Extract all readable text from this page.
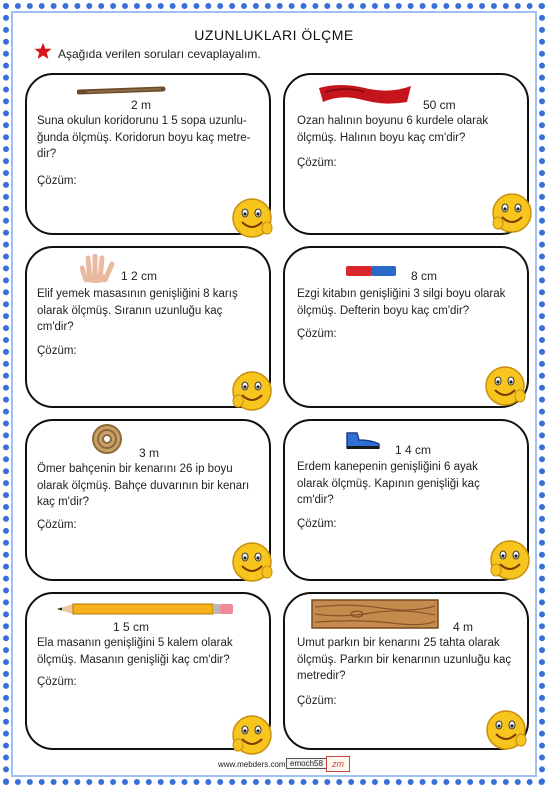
UZUNLUKLARI ÖLÇME
Aşağıda verilen soruları cevaplayalım.
2 m
Suna okulun koridorunu 1 5 sopa uzunlu-
ğunda ölçmüş. Koridorun boyu kaç metre-
dir?
Çözüm:
50 cm
Ozan halının boyunu 6 kurdele olarak
ölçmüş. Halının boyu kaç cm'dir?
Çözüm:
1 2 cm
Elif yemek masasının genişliğini 8 karış
olarak ölçmüş. Sıranın uzunluğu kaç
cm'dir?
Çözüm:
8 cm
Ezgi kitabın genişliğini 3 silgi boyu olarak
ölçmüş. Defterin boyu kaç cm'dir?
Çözüm:
3 m
Ömer bahçenin bir kenarını 26 ip boyu
olarak ölçmüş. Bahçe duvarının bir kenarı
kaç m'dir?
Çözüm:
1 4 cm
Erdem kanepenin genişliğini 6 ayak
olarak ölçmüş. Kapının genişliği kaç
cm'dir?
Çözüm:
1 5 cm
Ela masanın genişliğini 5 kalem olarak
ölçmüş. Masanın genişliği kaç cm'dir?
Çözüm:
4 m
Umut parkın bir kenarını 25 tahta olarak
ölçmüş. Parkın bir kenarının uzunluğu kaç
metredir?
Çözüm:
www.mebders.com emoch58	zm
